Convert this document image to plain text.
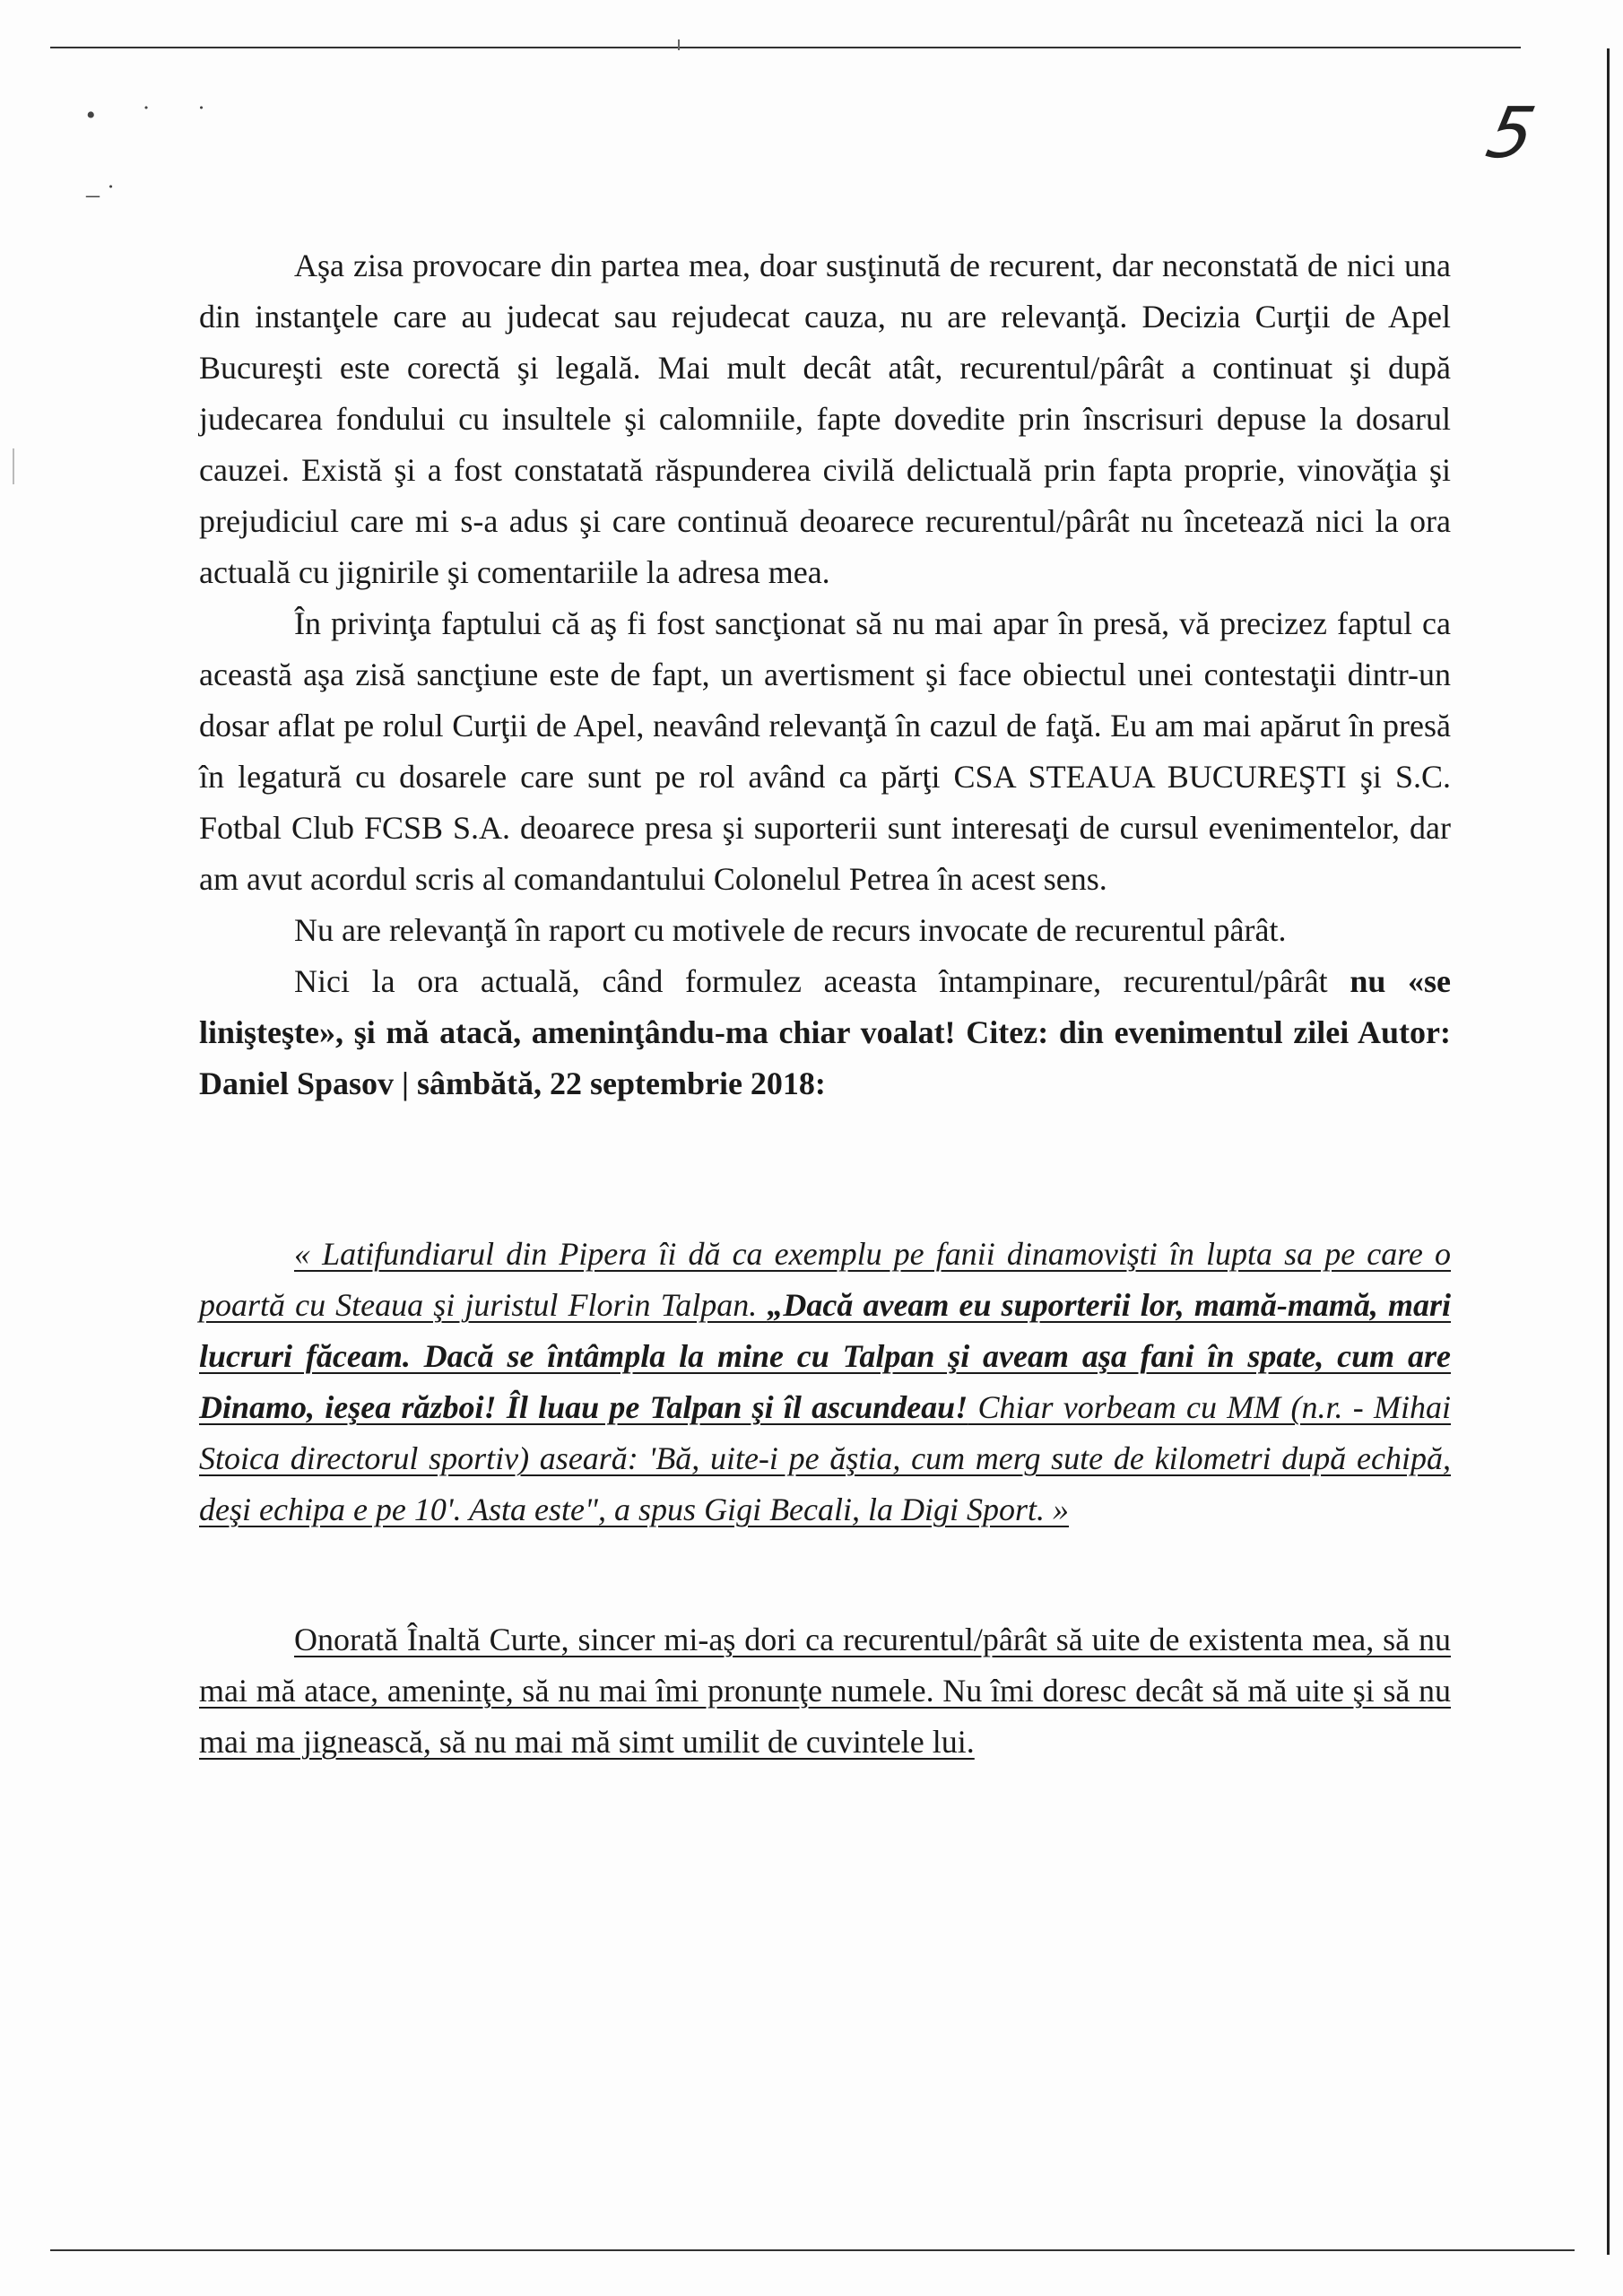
• ˙ ˙
– ˙
5

Aşa zisa provocare din partea mea, doar susţinută de recurent, dar neconstată de nici una din instanţele care au judecat sau rejudecat cauza, nu are relevanţă. Decizia Curţii de Apel Bucureşti este corectă şi legală. Mai mult decât atât, recurentul/pârât a continuat şi după judecarea fondului cu insultele şi calomniile, fapte dovedite prin înscrisuri depuse la dosarul cauzei. Există şi a fost constatată răspunderea civilă delictuală prin fapta proprie, vinovăţia şi prejudiciul care mi s-a adus şi care continuă deoarece recurentul/pârât nu încetează nici la ora actuală cu jignirile şi comentariile la adresa mea.

În privinţa faptului că aş fi fost sancţionat să nu mai apar în presă, vă precizez faptul ca această aşa zisă sancţiune este de fapt, un avertisment şi face obiectul unei contestaţii dintr-un dosar aflat pe rolul Curţii de Apel, neavând relevanţă în cazul de faţă. Eu am mai apărut în presă în legatură cu dosarele care sunt pe rol având ca părţi CSA STEAUA BUCUREŞTI şi S.C. Fotbal Club FCSB S.A. deoarece presa şi suporterii sunt interesaţi de cursul evenimentelor, dar am avut acordul scris al comandantului Colonelul Petrea în acest sens.

Nu are relevanţă în raport cu motivele de recurs invocate de recurentul pârât.

Nici la ora actuală, când formulez aceasta întampinare, recurentul/pârât nu «se linişteşte», şi mă atacă, ameninţându-ma chiar voalat! Citez: din evenimentul zilei Autor: Daniel Spasov | sâmbătă, 22 septembrie 2018:

« Latifundiarul din Pipera îi dă ca exemplu pe fanii dinamovişti în lupta sa pe care o poartă cu Steaua şi juristul Florin Talpan. „Dacă aveam eu suporterii lor, mamă-mamă, mari lucruri făceam. Dacă se întâmpla la mine cu Talpan şi aveam aşa fani în spate, cum are Dinamo, ieşea război! Îl luau pe Talpan şi îl ascundeau! Chiar vorbeam cu MM (n.r. - Mihai Stoica directorul sportiv) aseară: 'Bă, uite-i pe ăştia, cum merg sute de kilometri după echipă, deşi echipa e pe 10'. Asta este", a spus Gigi Becali, la Digi Sport. »
Onorată Înaltă Curte, sincer mi-aş dori ca recurentul/pârât să uite de existenta mea, să nu mai mă atace, ameninţe, să nu mai îmi pronunţe numele. Nu îmi doresc decât să mă uite şi să nu mai ma jignească, să nu mai mă simt umilit de cuvintele lui.
